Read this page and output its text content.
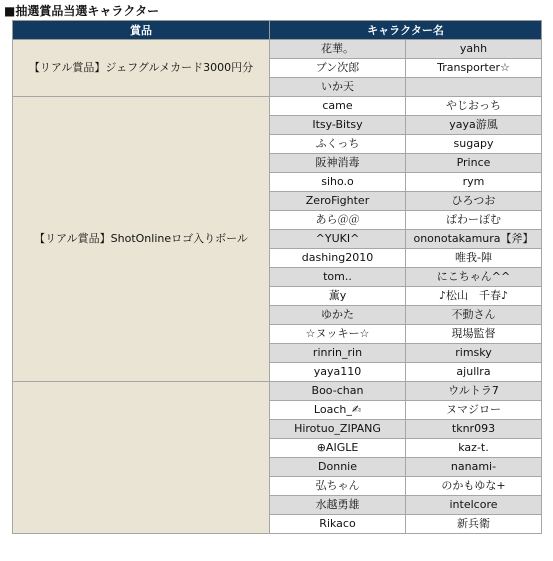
■抽選賞品当選キャラクター
賞品	キャラクター名	
【リアル賞品】ジェフグルメカード3000円分	花華。	yahh
	ブン次郎	Transporter☆
	いか天	
【リアル賞品】ShotOnlineロゴ入りボール	came	やじおっち
	Itsy-Bitsy	yaya游風
	ふくっち	sugapy
	阪神消毒	Prince
	siho.o	rym
	ZeroFighter	ひろつお
	あら＠＠	ぱわーぽむ
	^YUKI^	ononotakamura【斧】
	dashing2010	唯我-陣
	tom..	にこちゃん^^
	薫y	♪松山　千春♪
	ゆかた	不動さん
	☆ヌッキー☆	現場監督
	rinrin_rin	rimsky
	yaya110	ajullra
	Boo-chan	ウルトラ7
	Loach_✍	ヌマジロー
	Hirotuo_ZIPANG	tknr093
	⊕AIGLE	kaz-t.
	Donnie	nanami-
	弘ちゃん	のかもゆな+
	水越勇雄	intelcore
	Rikaco	新兵衛
